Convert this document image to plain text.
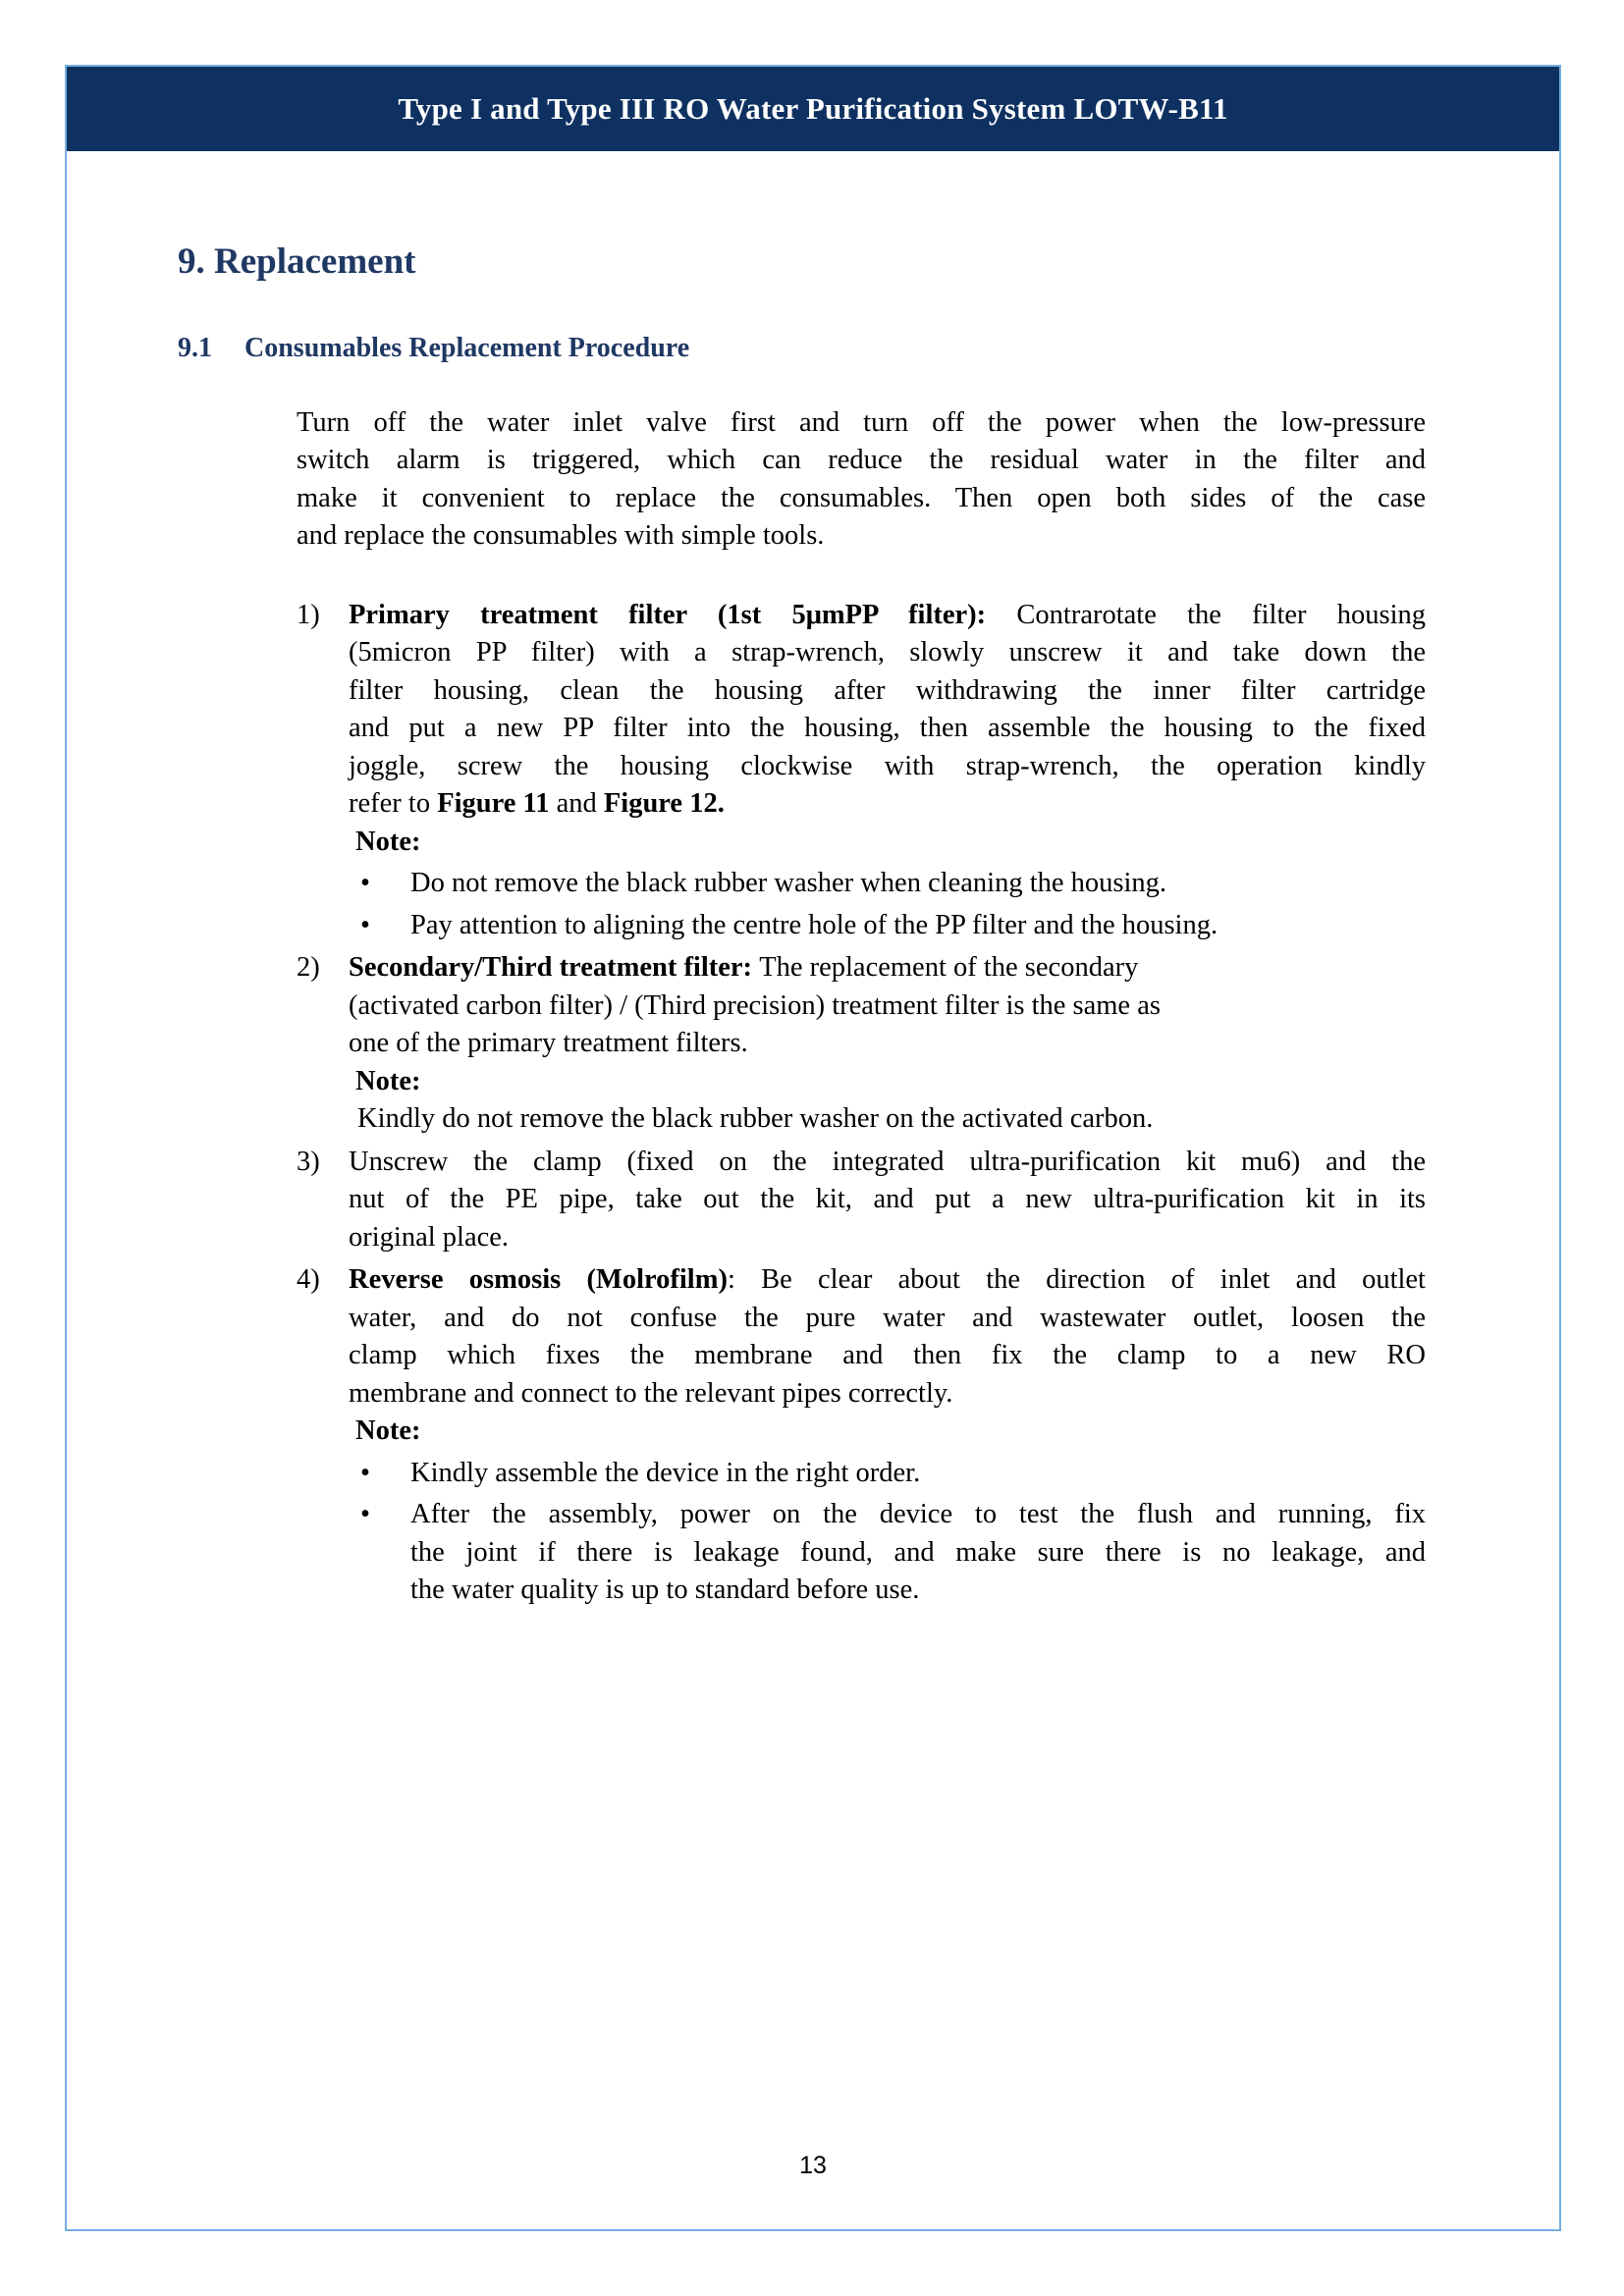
Type I and Type III RO Water Purification System LOTW-B11
9. Replacement
9.1	Consumables Replacement Procedure
Turn off the water inlet valve first and turn off the power when the low-pressure
switch alarm is triggered, which can reduce the residual water in the filter and
make it convenient to replace the consumables. Then open both sides of the case
and replace the consumables with simple tools.
1)	Primary treatment filter (1st 5μmPP filter): Contrarotate the filter housing
(5micron PP filter) with a strap-wrench, slowly unscrew it and take down the
filter housing, clean the housing after withdrawing the inner filter cartridge
and put a new PP filter into the housing, then assemble the housing to the fixed
joggle, screw the housing clockwise with strap-wrench, the operation kindly
refer to Figure 11 and Figure 12.
Note:
•	Do not remove the black rubber washer when cleaning the housing.
•	Pay attention to aligning the centre hole of the PP filter and the housing.
2)	Secondary/Third treatment filter: The replacement of the secondary
(activated carbon filter) / (Third precision) treatment filter is the same as
one of the primary treatment filters.
Note:
Kindly do not remove the black rubber washer on the activated carbon.
3)	Unscrew the clamp (fixed on the integrated ultra-purification kit mu6) and the
nut of the PE pipe, take out the kit, and put a new ultra-purification kit in its
original place.
4)	Reverse osmosis (Molrofilm): Be clear about the direction of inlet and outlet
water, and do not confuse the pure water and wastewater outlet, loosen the
clamp which fixes the membrane and then fix the clamp to a new RO
membrane and connect to the relevant pipes correctly.
Note:
•	Kindly assemble the device in the right order.
•	After the assembly, power on the device to test the flush and running, fix
the joint if there is leakage found, and make sure there is no leakage, and
the water quality is up to standard before use.
13
